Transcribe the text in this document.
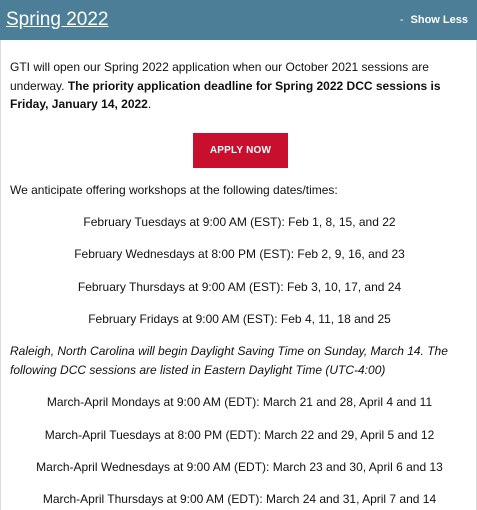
Spring 2022	- Show Less
GTI will open our Spring 2022 application when our October 2021 sessions are underway. The priority application deadline for Spring 2022 DCC sessions is Friday, January 14, 2022.
APPLY NOW
We anticipate offering workshops at the following dates/times:
February Tuesdays at 9:00 AM (EST): Feb 1, 8, 15, and 22
February Wednesdays at 8:00 PM (EST): Feb 2, 9, 16, and 23
February Thursdays at 9:00 AM (EST): Feb 3, 10, 17, and 24
February Fridays at 9:00 AM (EST): Feb 4, 11, 18 and 25
Raleigh, North Carolina will begin Daylight Saving Time on Sunday, March 14. The following DCC sessions are listed in Eastern Daylight Time (UTC-4:00)
March-April Mondays at 9:00 AM (EDT): March 21 and 28, April 4 and 11
March-April Tuesdays at 8:00 PM (EDT): March 22 and 29, April 5 and 12
March-April Wednesdays at 9:00 AM (EDT): March 23 and 30, April 6 and 13
March-April Thursdays at 9:00 AM (EDT): March 24 and 31, April 7 and 14
